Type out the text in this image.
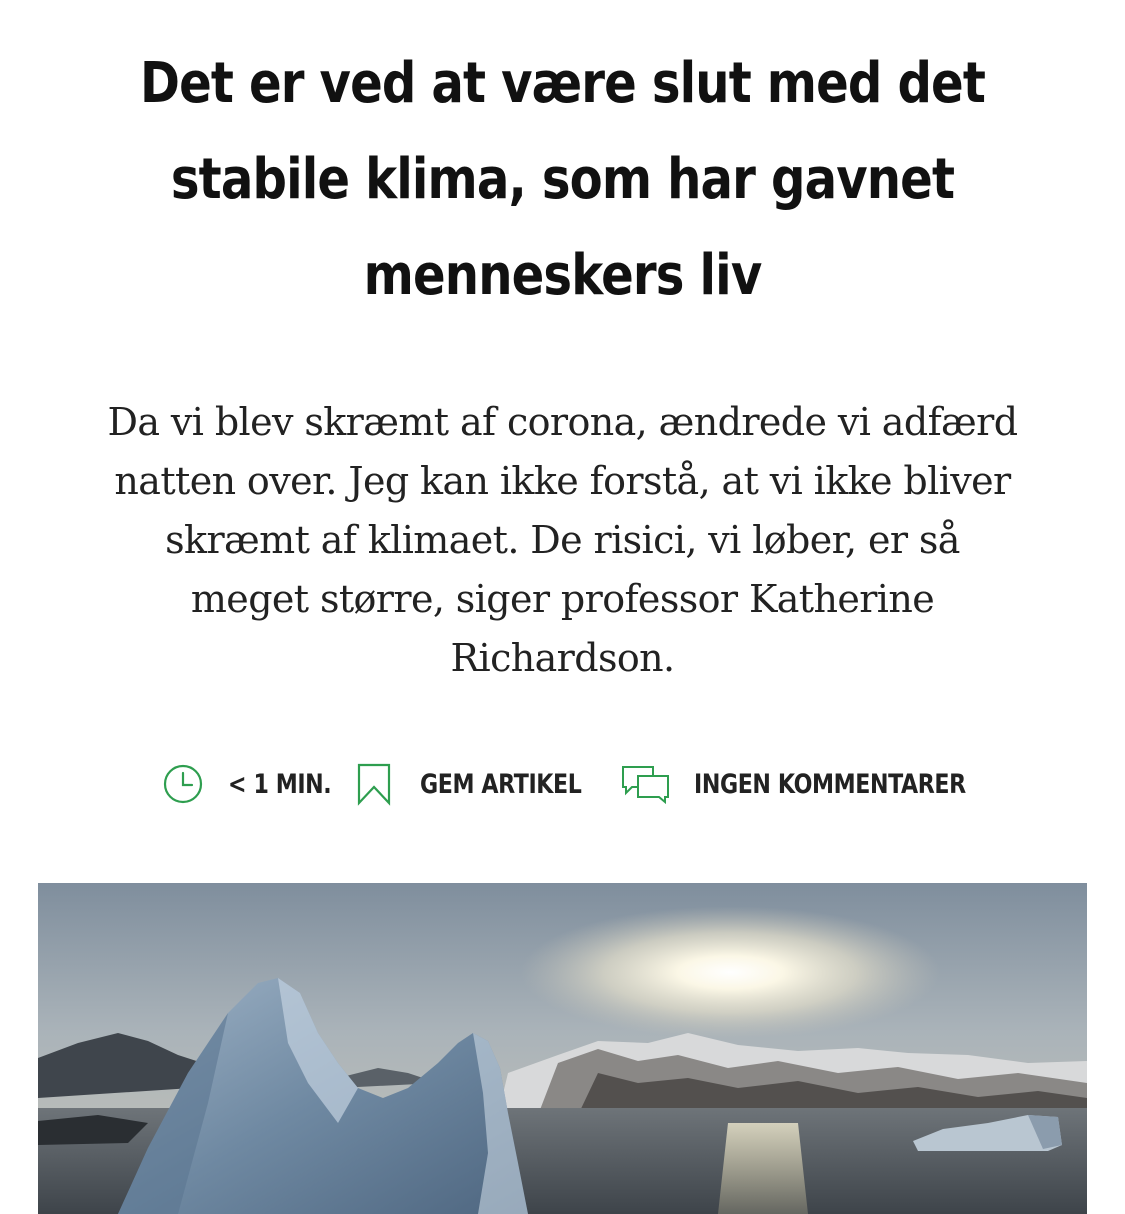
Det er ved at være slut med det
stabile klima, som har gavnet
menneskers liv

Da vi blev skræmt af corona, ændrede vi adfærd
natten over. Jeg kan ikke forstå, at vi ikke bliver
skræmt af klimaet. De risici, vi løber, er så
meget større, siger professor Katherine
Richardson.

< 1 MIN.	GEM ARTIKEL	INGEN KOMMENTARER
